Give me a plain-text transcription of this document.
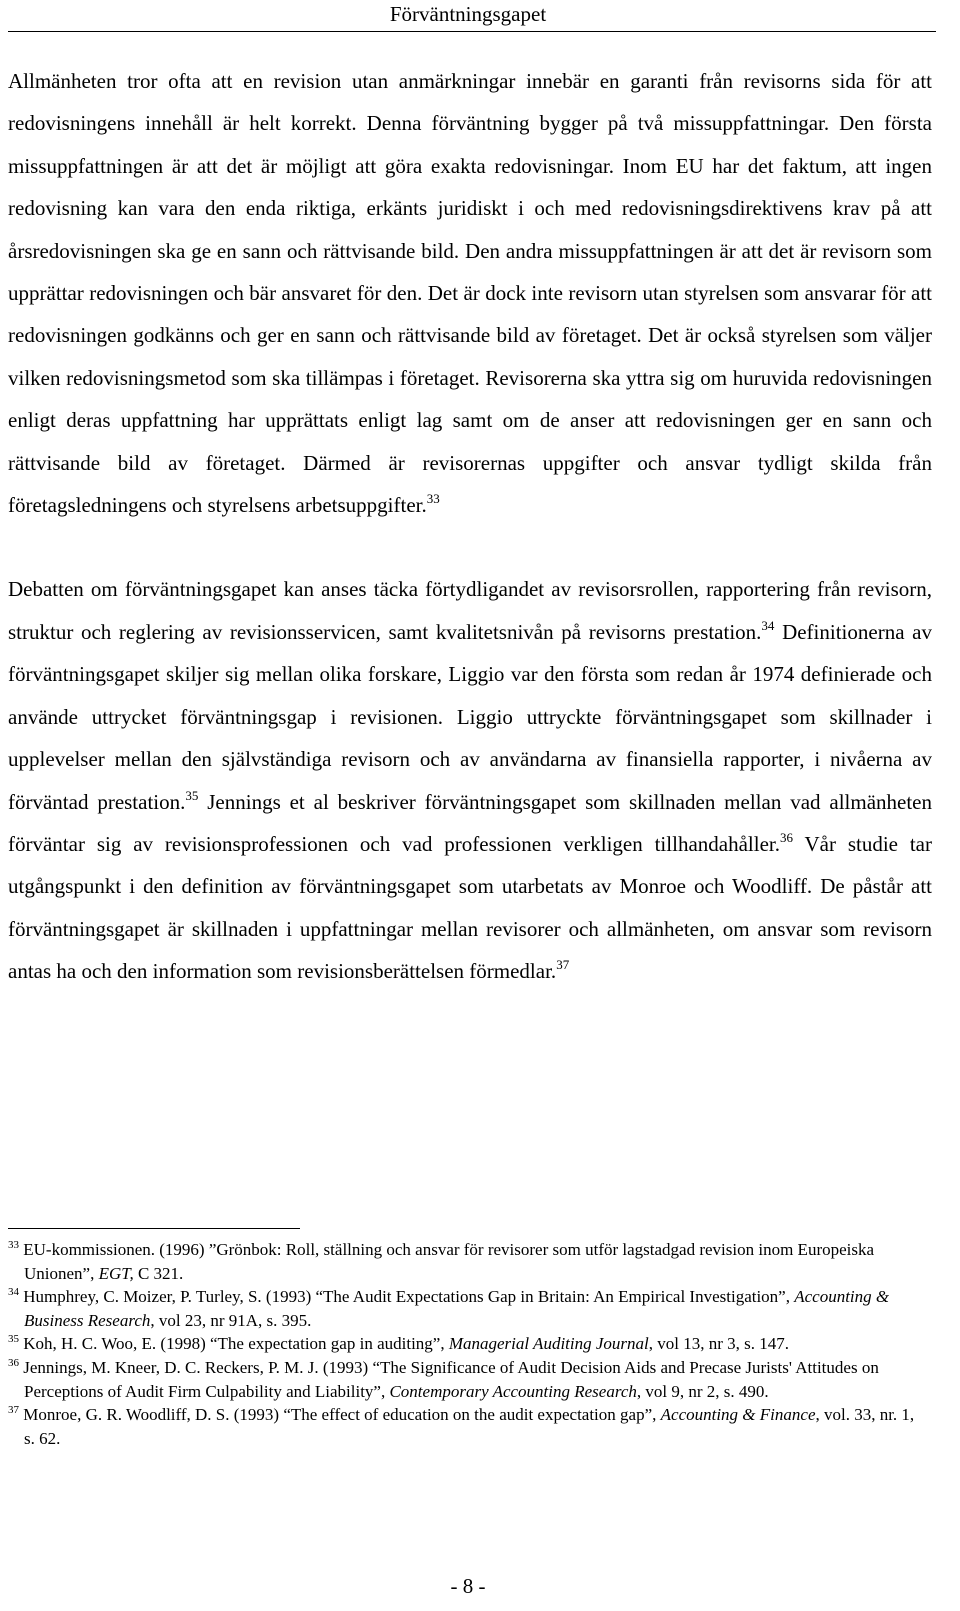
Förväntningsgapet

Allmänheten tror ofta att en revision utan anmärkningar innebär en garanti från revisorns sida för att redovisningens innehåll är helt korrekt. Denna förväntning bygger på två missuppfattningar. Den första missuppfattningen är att det är möjligt att göra exakta redovisningar. Inom EU har det faktum, att ingen redovisning kan vara den enda riktiga, erkänts juridiskt i och med redovisningsdirektivens krav på att årsredovisningen ska ge en sann och rättvisande bild. Den andra missuppfattningen är att det är revisorn som upprättar redovisningen och bär ansvaret för den. Det är dock inte revisorn utan styrelsen som ansvarar för att redovisningen godkänns och ger en sann och rättvisande bild av företaget. Det är också styrelsen som väljer vilken redovisningsmetod som ska tillämpas i företaget. Revisorerna ska yttra sig om huruvida redovisningen enligt deras uppfattning har upprättats enligt lag samt om de anser att redovisningen ger en sann och rättvisande bild av företaget. Därmed är revisorernas uppgifter och ansvar tydligt skilda från företagsledningens och styrelsens arbetsuppgifter.$^{33}$

Debatten om förväntningsgapet kan anses täcka förtydligandet av revisorsrollen, rapportering från revisorn, struktur och reglering av revisionsservicen, samt kvalitetsnivån på revisorns prestation.$^{34}$ Definitionerna av förväntningsgapet skiljer sig mellan olika forskare, Liggio var den första som redan år 1974 definierade och använde uttrycket förväntningsgap i revisionen. Liggio uttryckte förväntningsgapet som skillnader i upplevelser mellan den självständiga revisorn och av användarna av finansiella rapporter, i nivåerna av förväntad prestation.$^{35}$ Jennings et al beskriver förväntningsgapet som skillnaden mellan vad allmänheten förväntar sig av revisionsprofessionen och vad professionen verkligen tillhandahåller.$^{36}$ Vår studie tar utgångspunkt i den definition av förväntningsgapet som utarbetats av Monroe och Woodliff. De påstår att förväntningsgapet är skillnaden i uppfattningar mellan revisorer och allmänheten, om ansvar som revisorn antas ha och den information som revisionsberättelsen förmedlar.$^{37}$

$^{33}$ EU-kommissionen. (1996) ”Grönbok: Roll, ställning och ansvar för revisorer som utför lagstadgad revision inom Europeiska Unionen”, EGT, C 321.

$^{34}$ Humphrey, C. Moizer, P. Turley, S. (1993) “The Audit Expectations Gap in Britain: An Empirical Investigation”, Accounting & Business Research, vol 23, nr 91A, s. 395.

$^{35}$ Koh, H. C. Woo, E. (1998) “The expectation gap in auditing”, Managerial Auditing Journal, vol 13, nr 3, s. 147.

$^{36}$ Jennings, M. Kneer, D. C. Reckers, P. M. J. (1993) “The Significance of Audit Decision Aids and Precase Jurists' Attitudes on Perceptions of Audit Firm Culpability and Liability”, Contemporary Accounting Research, vol 9, nr 2, s. 490.

$^{37}$ Monroe, G. R. Woodliff, D. S. (1993) “The effect of education on the audit expectation gap”, Accounting & Finance, vol. 33, nr. 1, s. 62.

- 8 -
